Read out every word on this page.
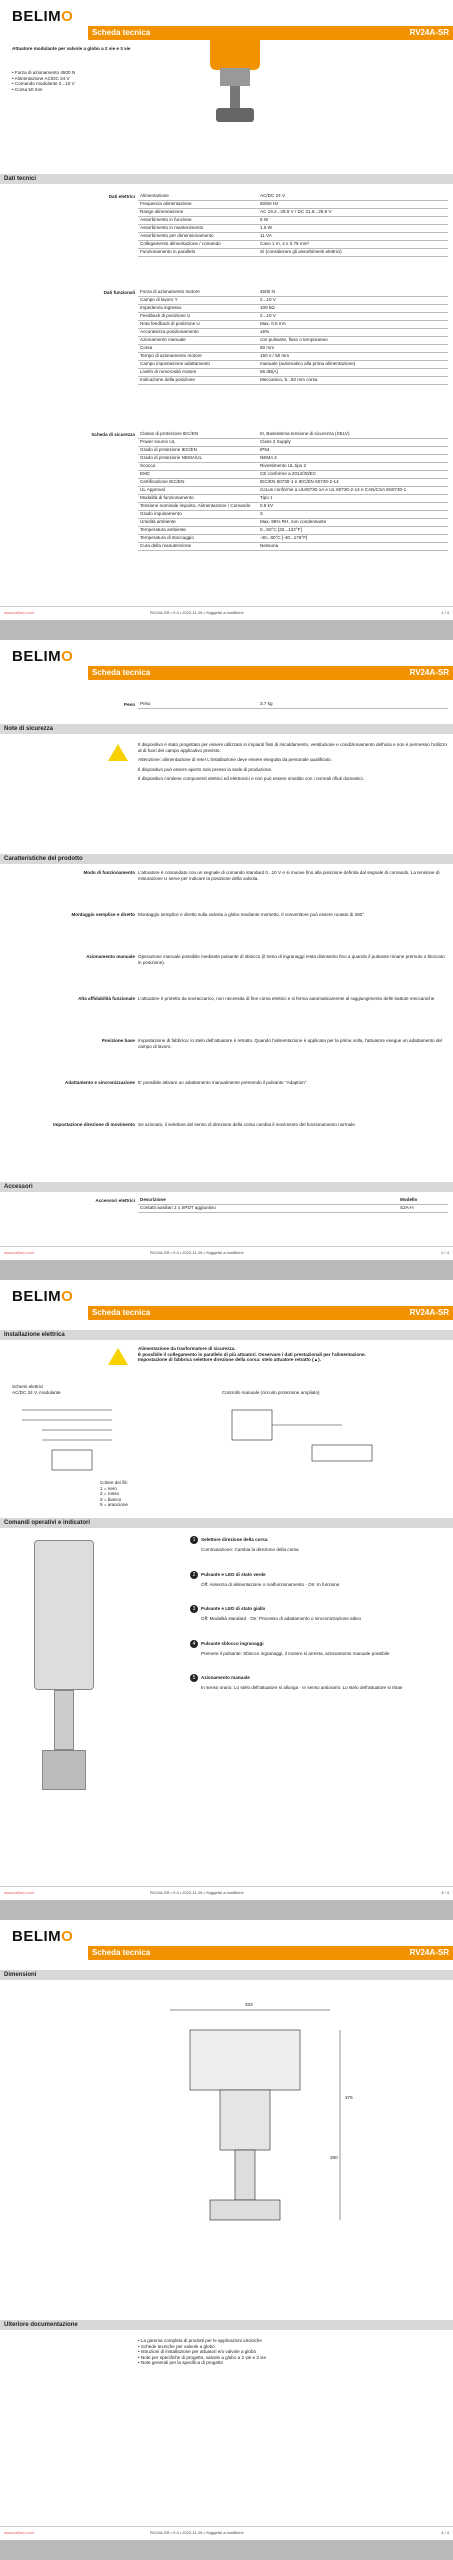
BELIMO
Scheda tecnica	RV24A-SR
Attuatore modulante per valvole a globo a 2 vie e 3 vie
• Forza di azionamento 4500 N
• Alimentazione AC/DC 24 V
• Comando modulante 2...10 V
• Corsa 50 mm
Dati tecnici
Dati elettrici Alimentazione	AC/DC 24 V
Frequenza alimentazione	50/60 Hz
Range alimentazione	AC 19.2...28.8 V / DC 21.6...28.8 V
Assorbimento in funzione	6 W
Assorbimento in mantenimento	1.5 W
Assorbimento per dimensionamento	11 VA
Collegamento alimentazione / comando	Cavo 1 m, 4 x 0.75 mm²
Funzionamento in parallelo	Sì (considerare gli assorbimenti elettrici)
Dati funzionali Forza di azionamento motore	4500 N
Campo di lavoro Y	2...10 V
Impedenza ingresso	100 kΩ
Feedback di posizione U	2...10 V
Nota feedback di posizione U	Max. 0.5 mA
Accuratezza posizionamento	±5%
Azionamento manuale	con pulsante, fisso o temporaneo
Corsa	50 mm
Tempo di azionamento motore	150 s / 50 mm
Campo impostazione adattamento	manuale (automatico alla prima alimentazione)
Livello di rumorosità motore	56 dB(A)
Indicazione della posizione	Meccanico, 5...50 mm corsa
Scheda di sicurezza Classe di protezione IEC/EN	III, Bassissima tensione di sicurezza (SELV)
Power source UL	Class 2 Supply
Grado di protezione IEC/EN	IP54
Grado di protezione NEMA/UL	NEMA 2
Scocca	Rivestimento UL tipo 2
EMC	CE conforme a 2014/30/EC
Certificazione IEC/EN	IEC/EN 60730-1 e IEC/EN 60730-2-14
UL Approval	cULus conforme a UL60730-1A e UL 60730-2-14 e CAN/CSA E60730-1
Modalità di funzionamento	Tipo 1
Tensione nominale impulso, Alimentazione / Comando	0.8 kV
Grado inquinamento	3
Umidità ambiente	Max. 95% RH, non condensante
Temperatura ambiente	0...50°C [32...122°F]
Temperatura di stoccaggio	-40...80°C [-40...176°F]
Cura della manutenzione	Nessuna
www.belimo.com	RV24A-SR • 9.4 • 2022-11-26 • Soggetto a modifiche	1 / 4
BELIMO
Scheda tecnica	RV24A-SR
Peso Peso	3.7 kg
Note di sicurezza
Il dispositivo è stato progettato per essere utilizzato in impianti fissi di riscaldamento, ventilazione e condizionamento dell'aria e non è permesso l'utilizzo al di fuori del campo applicativo previsto.
Attenzione: alimentazione di rete! L'installazione deve essere eseguita da personale qualificato.
Il dispositivo può essere aperto solo presso la sede di produzione.
Il dispositivo contiene componenti elettrici ed elettronici e non può essere smaltito con i normali rifiuti domestici.
Caratteristiche del prodotto
Modo di funzionamento L'attuatore è comandato con un segnale di comando standard 0...10 V e si muove fino alla posizione definita dal segnale di comando. La tensione di misurazione U serve per indicare la posizione della valvola.
Montaggio semplice e diretto Montaggio semplice e diretto sulla valvola a globo mediante morsetto. Il convertitore può essere ruotato di 360°.
Azionamento manuale Operazione manuale possibile mediante pulsante di sblocco (il treno di ingranaggi resta disinserito fino a quando il pulsante rimane premuto o bloccato in posizione).
Alta affidabilità funzionale L'attuatore è protetto da sovraccarico, non necessita di fine corsa elettrici e si ferma automaticamente al raggiungimento delle battute meccaniche.
Posizione base Impostazione di fabbrica: lo stelo dell'attuatore è retratto. Quando l'alimentazione è applicata per la prima volta, l'attuatore esegue un adattamento del campo di lavoro.
Adattamento e sincronizzazione E' possibile attivare un adattamento manualmente premendo il pulsante "Adaption".
Impostazione direzione di movimento Se azionato, il selettore del senso di direzione della corsa cambia il movimento del funzionamento normale.
Accessori
Accessori elettrici Descrizione	Modello
Contatti ausiliari 2 x SPDT aggiuntivo	S2A-H
www.belimo.com	RV24A-SR • 9.4 • 2022-11-26 • Soggetto a modifiche	2 / 4
BELIMO
Scheda tecnica	RV24A-SR
Installazione elettrica
Alimentazione da trasformatore di sicurezza.
È possibile il collegamento in parallelo di più attuatori. Osservare i dati prestazionali per l'alimentazione.
Impostazione di fabbrica selettore direzione della corsa: stelo attuatore retratto (▲).
Schemi elettrici
AC/DC 24 V, modulante	Controllo manuale (circuito protezione ampliato)
Colore dei fili:
1 = nero
2 = rosso
3 = bianco
5 = arancione
Comandi operativi e indicatori
1 Selettore direzione della corsa
Commutazione: Cambia la direzione della corsa
2 Pulsante e LED di stato verde
Off: Assenza di alimentazione o malfunzionamento · On: In funzione
3 Pulsante e LED di stato giallo
Off: Modalità standard · On: Processo di adattamento o sincronizzazione attivo
4 Pulsante sblocco ingranaggi
Premere il pulsante: Sblocco ingranaggi, il motore si arresta, azionamento manuale possibile
5 Azionamento manuale
In senso orario: Lo stelo dell'attuatore si allunga · In senso antiorario: Lo stelo dell'attuatore si ritrae
www.belimo.com	RV24A-SR • 9.4 • 2022-11-26 • Soggetto a modifiche	3 / 4
BELIMO
Scheda tecnica	RV24A-SR
Dimensioni
333
376
280
Ulteriore documentazione
• La gamma completa di prodotti per le applicazioni idroniche
• Schede tecniche per valvole a globo
• Istruzioni di installazione per attuatori e/o valvole a globo
• Note per specifiche di progetto, valvole a globo a 2 vie e 3 vie
• Note generali per la specifica di progetto
www.belimo.com	RV24A-SR • 9.4 • 2022-11-26 • Soggetto a modifiche	4 / 4
